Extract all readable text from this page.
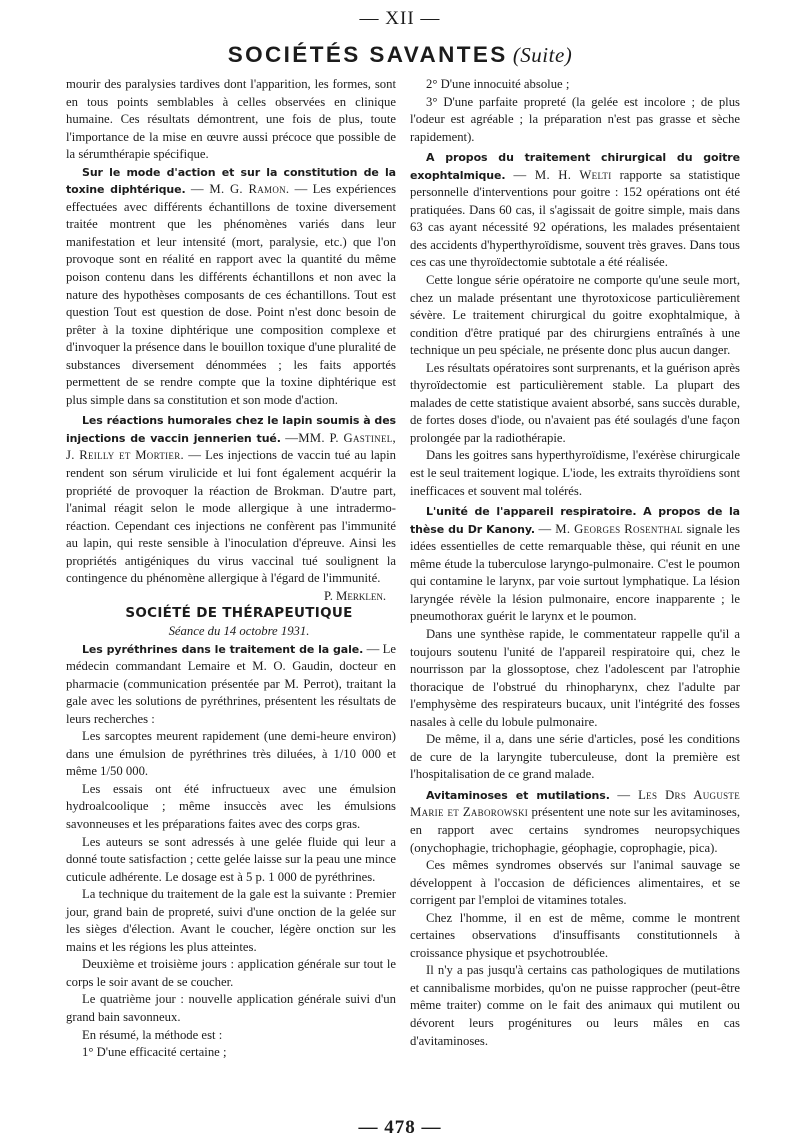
— XII —
SOCIÉTÉS SAVANTES (Suite)

mourir des paralysies tardives dont l'apparition, les formes, sont en tous points semblables à celles observées en clinique humaine. Ces résultats démontrent, une fois de plus, toute l'importance de la mise en œuvre aussi précoce que possible de la sérumthérapie spécifique.

Sur le mode d'action et sur la constitution de la toxine diphtérique. — M. G. Ramon. — Les expériences effectuées avec différents échantillons de toxine diversement traitée montrent que les phénomènes variés dans leur manifestation et leur intensité (mort, paralysie, etc.) que l'on provoque sont en réalité en rapport avec la quantité du même poison contenu dans les différents échantillons et non avec la nature des hypothèses composants de ces échantillons. Tout est question Tout est question de dose. Point n'est donc besoin de prêter à la toxine diphtérique une composition complexe et d'invoquer la présence dans le bouillon toxique d'une pluralité de substances diversement dénommées ; les faits apportés permettent de se rendre compte que la toxine diphtérique est plus simple dans sa constitution et son mode d'action.

Les réactions humorales chez le lapin soumis à des injections de vaccin jennerien tué. —MM. P. Gastinel, J. Reilly et Mortier. — Les injections de vaccin tué au lapin rendent son sérum virulicide et lui font également acquérir la propriété de provoquer la réaction de Brokman. D'autre part, l'animal réagit selon le mode allergique à une intradermo-réaction. Cependant ces injections ne confèrent pas l'immunité au lapin, qui reste sensible à l'inoculation d'épreuve. Ainsi les propriétés antigéniques du virus vaccinal tué soulignent la contingence du phénomène allergique à l'égard de l'immunité.

P. Merklen.

SOCIÉTÉ DE THÉRAPEUTIQUE

Séance du 14 octobre 1931.

Les pyréthrines dans le traitement de la gale. — Le médecin commandant Lemaire et M. O. Gaudin, docteur en pharmacie (communication présentée par M. Perrot), traitant la gale avec les solutions de pyréthrines, présentent les résultats de leurs recherches :

Les sarcoptes meurent rapidement (une demi-heure environ) dans une émulsion de pyréthrines très diluées, à 1/10 000 et même 1/50 000.

Les essais ont été infructueux avec une émulsion hydroalcoolique ; même insuccès avec les émulsions savonneuses et les préparations faites avec des corps gras.

Les auteurs se sont adressés à une gelée fluide qui leur a donné toute satisfaction ; cette gelée laisse sur la peau une mince cuticule adhérente. Le dosage est à 5 p. 1 000 de pyréthrines.

La technique du traitement de la gale est la suivante : Premier jour, grand bain de propreté, suivi d'une onction de la gelée sur les sièges d'élection. Avant le coucher, légère onction sur les mains et les régions les plus atteintes.

Deuxième et troisième jours : application générale sur tout le corps le soir avant de se coucher.

Le quatrième jour : nouvelle application générale suivi d'un grand bain savonneux.

En résumé, la méthode est :

1° D'une efficacité certaine ;

2° D'une innocuité absolue ;

3° D'une parfaite propreté (la gelée est incolore ; de plus l'odeur est agréable ; la préparation n'est pas grasse et sèche rapidement).

A propos du traitement chirurgical du goitre exophtalmique. — M. H. Welti rapporte sa statistique personnelle d'interventions pour goitre : 152 opérations ont été pratiquées. Dans 60 cas, il s'agissait de goitre simple, mais dans 63 cas ayant nécessité 92 opérations, les malades présentaient des accidents d'hyperthyroïdisme, souvent très graves. Dans tous ces cas une thyroïdectomie subtotale a été réalisée.

Cette longue série opératoire ne comporte qu'une seule mort, chez un malade présentant une thyrotoxicose particulièrement sévère. Le traitement chirurgical du goitre exophtalmique, à condition d'être pratiqué par des chirurgiens entraînés à une technique un peu spéciale, ne présente donc plus aucun danger.

Les résultats opératoires sont surprenants, et la guérison après thyroïdectomie est particulièrement stable. La plupart des malades de cette statistique avaient absorbé, sans succès durable, de fortes doses d'iode, ou n'avaient pas été soulagés d'une façon prolongée par la radiothérapie.

Dans les goitres sans hyperthyroïdisme, l'exérèse chirurgicale est le seul traitement logique. L'iode, les extraits thyroïdiens sont inefficaces et souvent mal tolérés.

L'unité de l'appareil respiratoire. A propos de la thèse du Dr Kanony. — M. Georges Rosenthal signale les idées essentielles de cette remarquable thèse, qui réunit en une même étude la tuberculose laryngo-pulmonaire. C'est le poumon qui contamine le larynx, par voie surtout lymphatique. La lésion laryngée révèle la lésion pulmonaire, encore inapparente ; le pneumothorax guérit le larynx et le poumon.

Dans une synthèse rapide, le commentateur rappelle qu'il a toujours soutenu l'unité de l'appareil respiratoire qui, chez le nourrisson par la glossoptose, chez l'adolescent par l'atrophie thoracique de l'obstrué du rhinopharynx, chez l'adulte par l'emphysème des respirateurs bucaux, unit l'intégrité des fosses nasales à celle du lobule pulmonaire.

De même, il a, dans une série d'articles, posé les conditions de cure de la laryngite tuberculeuse, dont la première est l'hospitalisation de ce grand malade.

Avitaminoses et mutilations. — Les Drs Auguste Marie et Zaborowski présentent une note sur les avitaminoses, en rapport avec certains syndromes neuropsychiques (onychophagie, trichophagie, géophagie, coprophagie, pica).

Ces mêmes syndromes observés sur l'animal sauvage se développent à l'occasion de déficiences alimentaires, et se corrigent par l'emploi de vitamines totales.

Chez l'homme, il en est de même, comme le montrent certaines observations d'insuffisants constitutionnels à croissance physique et psychotroublée.

Il n'y a pas jusqu'à certains cas pathologiques de mutilations et cannibalisme morbides, qu'on ne puisse rapprocher (peut-être même traiter) comme on le fait des animaux qui mutilent ou dévorent leurs progénitures ou leurs mâles en cas d'avitaminoses.

— 478 —
